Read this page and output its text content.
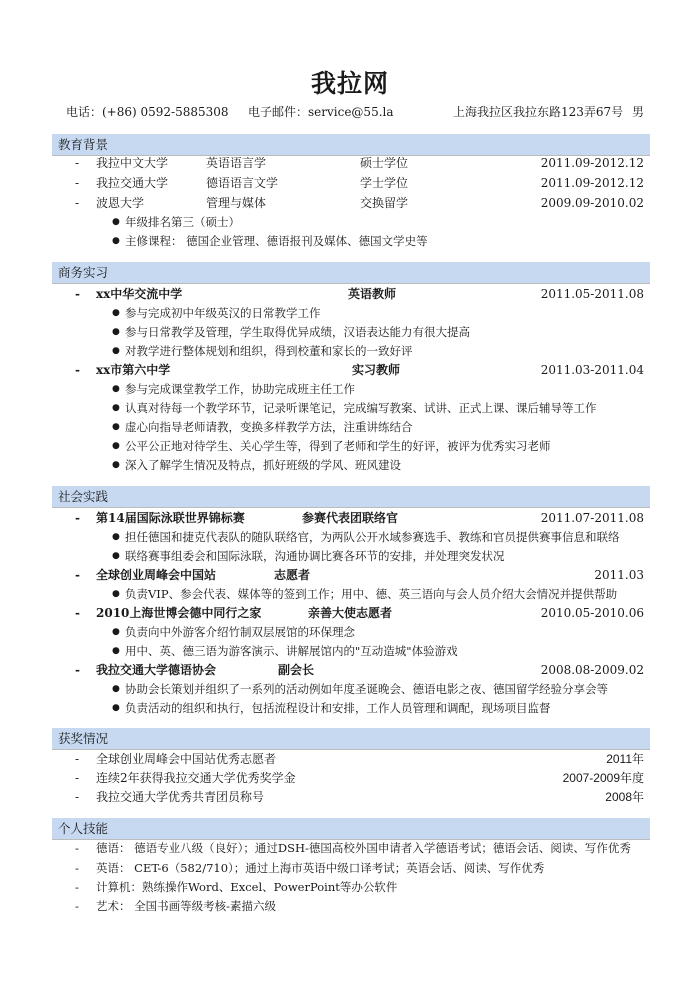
我拉网
电话：(+86) 0592-5885308 电子邮件：service@55.la	上海我拉区我拉东路123弄67号 男
教育背景
- 我拉中文大学	英语语言学	硕士学位	2011.09-2012.12
- 我拉交通大学	德语语言文学	学士学位	2011.09-2012.12
- 波恩大学	管理与媒体	交换留学	2009.09-2010.02
● 年级排名第三（硕士）
● 主修课程： 德国企业管理、德语报刊及媒体、德国文学史等
商务实习
- xx中华交流中学	英语教师	2011.05-2011.08
● 参与完成初中年级英汉的日常教学工作
● 参与日常教学及管理，学生取得优异成绩，汉语表达能力有很大提高
● 对教学进行整体规划和组织，得到校董和家长的一致好评
- xx市第六中学	实习教师	2011.03-2011.04
● 参与完成课堂教学工作，协助完成班主任工作
● 认真对待每一个教学环节，记录听课笔记，完成编写教案、试讲、正式上课、课后辅导等工作
● 虚心向指导老师请教，变换多样教学方法，注重讲练结合
● 公平公正地对待学生、关心学生等，得到了老师和学生的好评，被评为优秀实习老师
● 深入了解学生情况及特点，抓好班级的学风、班风建设
社会实践
- 第14届国际泳联世界锦标赛	参赛代表团联络官	2011.07-2011.08
● 担任德国和捷克代表队的随队联络官，为两队公开水域参赛选手、教练和官员提供赛事信息和联络
● 联络赛事组委会和国际泳联，沟通协调比赛各环节的安排，并处理突发状况
- 全球创业周峰会中国站	志愿者	2011.03
● 负责VIP、参会代表、媒体等的签到工作；用中、德、英三语向与会人员介绍大会情况并提供帮助
- 2010上海世博会德中同行之家	亲善大使志愿者	2010.05-2010.06
● 负责向中外游客介绍竹制双层展馆的环保理念
● 用中、英、德三语为游客演示、讲解展馆内的"互动造城"体验游戏
- 我拉交通大学德语协会	副会长	2008.08-2009.02
● 协助会长策划并组织了一系列的活动例如年度圣诞晚会、德语电影之夜、德国留学经验分享会等
● 负责活动的组织和执行，包括流程设计和安排，工作人员管理和调配，现场项目监督
获奖情况
- 全球创业周峰会中国站优秀志愿者	2011年
- 连续2年获得我拉交通大学优秀奖学金	2007-2009年度
- 我拉交通大学优秀共青团员称号	2008年
个人技能
- 德语： 德语专业八级（良好）；通过DSH-德国高校外国申请者入学德语考试；德语会话、阅读、写作优秀
- 英语： CET-6（582/710）；通过上海市英语中级口译考试；英语会话、阅读、写作优秀
- 计算机：熟练操作Word、Excel、PowerPoint等办公软件
- 艺术： 全国书画等级考核-素描六级
